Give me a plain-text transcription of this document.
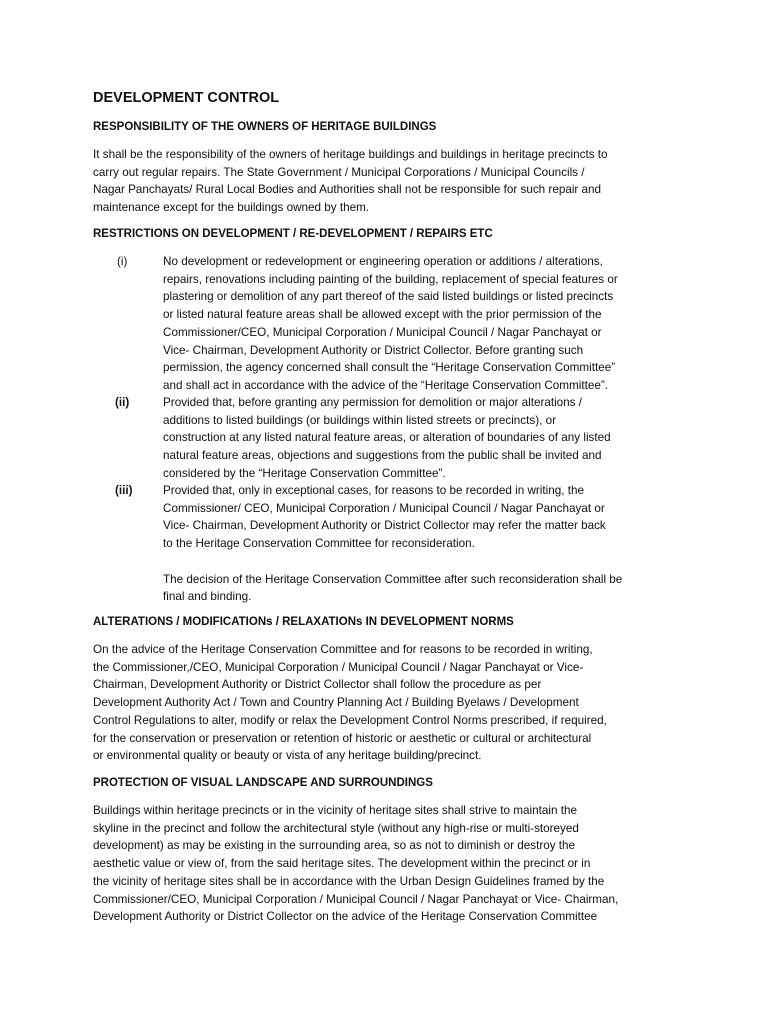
DEVELOPMENT CONTROL
RESPONSIBILITY OF THE OWNERS OF HERITAGE BUILDINGS
It shall be the responsibility of the owners of heritage buildings and buildings in heritage precincts to
carry out regular repairs. The State Government / Municipal Corporations / Municipal Councils /
Nagar Panchayats/ Rural Local Bodies and Authorities shall not be responsible for such repair and
maintenance except for the buildings owned by them.
RESTRICTIONS ON DEVELOPMENT / RE-DEVELOPMENT / REPAIRS ETC
(i)	No development or redevelopment or engineering operation or additions / alterations,
repairs, renovations including painting of the building, replacement of special features or
plastering or demolition of any part thereof of the said listed buildings or listed precincts
or listed natural feature areas shall be allowed except with the prior permission of the
Commissioner/CEO, Municipal Corporation / Municipal Council / Nagar Panchayat or
Vice- Chairman, Development Authority or District Collector. Before granting such
permission, the agency concerned shall consult the “Heritage Conservation Committee”
and shall act in accordance with the advice of the “Heritage Conservation Committee”.
(ii)	Provided that, before granting any permission for demolition or major alterations /
additions to listed buildings (or buildings within listed streets or precincts), or
construction at any listed natural feature areas, or alteration of boundaries of any listed
natural feature areas, objections and suggestions from the public shall be invited and
considered by the “Heritage Conservation Committee”.
(iii)	Provided that, only in exceptional cases, for reasons to be recorded in writing, the
Commissioner/ CEO, Municipal Corporation / Municipal Council / Nagar Panchayat or
Vice- Chairman, Development Authority or District Collector may refer the matter back
to the Heritage Conservation Committee for reconsideration.
The decision of the Heritage Conservation Committee after such reconsideration shall be
final and binding.
ALTERATIONS / MODIFICATIONs / RELAXATIONs IN DEVELOPMENT NORMS
On the advice of the Heritage Conservation Committee and for reasons to be recorded in writing,
the Commissioner,/CEO, Municipal Corporation / Municipal Council / Nagar Panchayat or Vice-
Chairman, Development Authority or District Collector shall follow the procedure as per
Development Authority Act / Town and Country Planning Act / Building Byelaws / Development
Control Regulations to alter, modify or relax the Development Control Norms prescribed, if required,
for the conservation or preservation or retention of historic or aesthetic or cultural or architectural
or environmental quality or beauty or vista of any heritage building/precinct.
PROTECTION OF VISUAL LANDSCAPE AND SURROUNDINGS
Buildings within heritage precincts or in the vicinity of heritage sites shall strive to maintain the
skyline in the precinct and follow the architectural style (without any high-rise or multi-storeyed
development) as may be existing in the surrounding area, so as not to diminish or destroy the
aesthetic value or view of, from the said heritage sites. The development within the precinct or in
the vicinity of heritage sites shall be in accordance with the Urban Design Guidelines framed by the
Commissioner/CEO, Municipal Corporation / Municipal Council / Nagar Panchayat or Vice- Chairman,
Development Authority or District Collector on the advice of the Heritage Conservation Committee
